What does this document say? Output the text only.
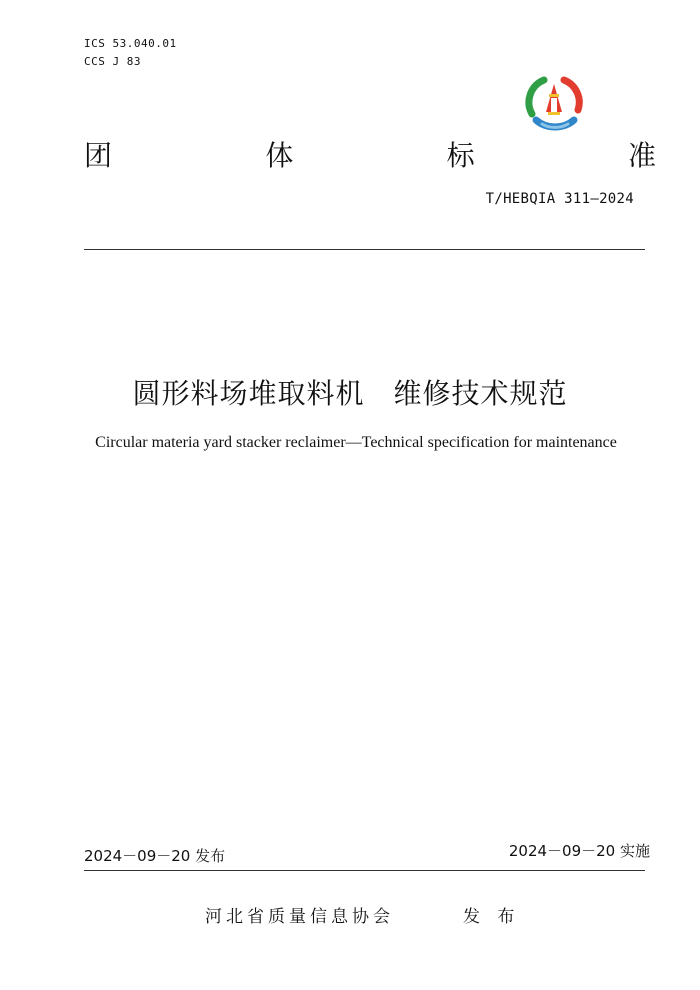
ICS 53.040.01
CCS J 83
团	体	标	准
T/HEBQIA 311—2024
圆形料场堆取料机　维修技术规范
Circular materia yard stacker reclaimer—Technical specification for maintenance
2024－09－20 发布	2024－09－20 实施
河北省质量信息协会	发 布
